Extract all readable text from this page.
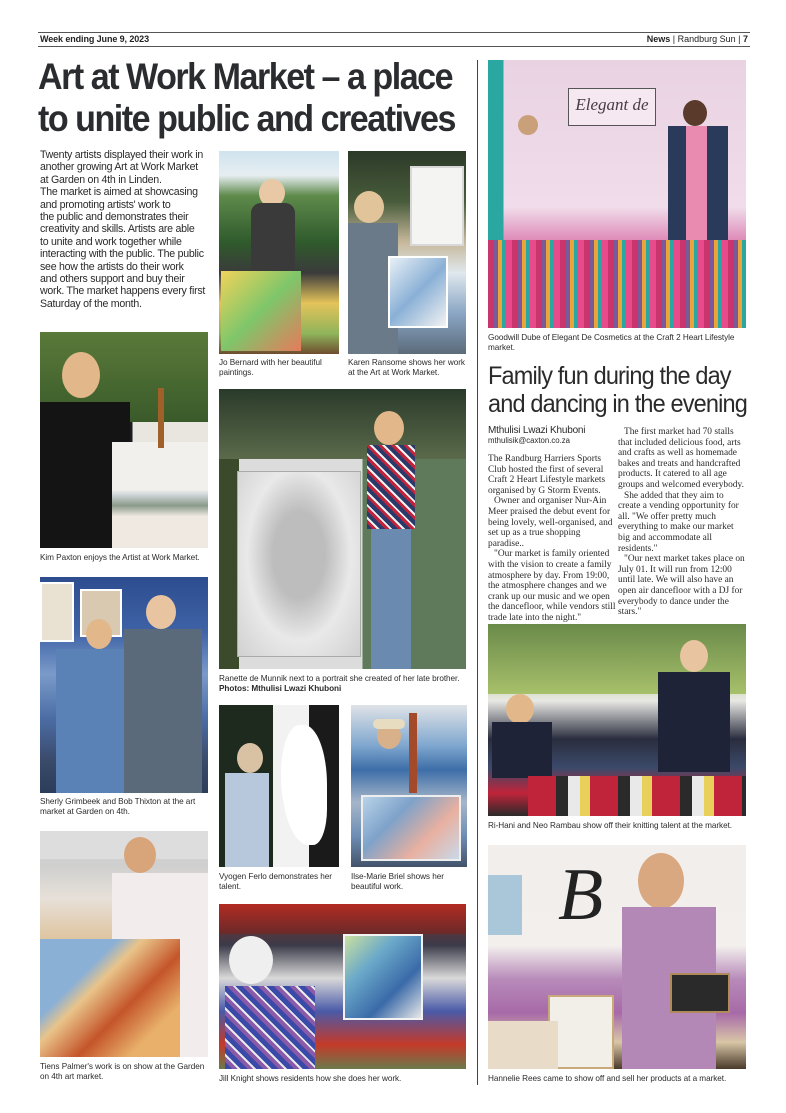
Week ending June 9, 2023	News | Randburg Sun | 7
Art at Work Market – a place
to unite public and creatives
Twenty artists displayed their work in
another growing Art at Work Market
at Garden on 4th in Linden.
The market is aimed at showcasing
and promoting artists' work to
the public and demonstrates their
creativity and skills. Artists are able
to unite and work together while
interacting with the public. The public
see how the artists do their work
and others support and buy their
work. The market happens every first
Saturday of the month.
Jo Bernard with her beautiful paintings.
Karen Ransome shows her work at the Art at Work Market.
Elegant de
Goodwill Dube of Elegant De Cosmetics at the Craft 2 Heart Lifestyle market.
Kim Paxton enjoys the Artist at Work Market.
Ranette de Munnik next to a portrait she created of her late brother. Photos: Mthulisi Lwazi Khuboni
Family fun during the day
and dancing in the evening
Mthulisi Lwazi Khuboni
mthulisik@caxton.co.za

The Randburg Harriers Sports Club hosted the first of several Craft 2 Heart Lifestyle markets organised by G Storm Events.

Owner and organiser Nur-Ain Meer praised the debut event for being lovely, well-organised, and set up as a true shopping paradise..

"Our market is family oriented with the vision to create a family atmosphere by day. From 19:00, the atmosphere changes and we crank up our music and we open the dancefloor, while vendors still trade late into the night."

The first market had 70 stalls that included delicious food, arts and crafts as well as homemade bakes and treats and handcrafted products. It catered to all age groups and welcomed everybody.

She added that they aim to create a vending opportunity for all. "We offer pretty much everything to make our market big and accommodate all residents."

"Our next market takes place on July 01. It will run from 12:00 until late. We will also have an open air dancefloor with a DJ for everybody to dance under the stars."

Sherly Grimbeek and Bob Thixton at the art market at Garden on 4th.
Vyogen Ferlo demonstrates her talent.
Ilse-Marie Briel shows her beautiful work.
Ri-Hani and Neo Rambau show off their knitting talent at the market.
Tiens Palmer's work is on show at the Garden on 4th art market.	Jill Knight shows residents how she does her work.
B
Hannelie Rees came to show off and sell her products at a market.
